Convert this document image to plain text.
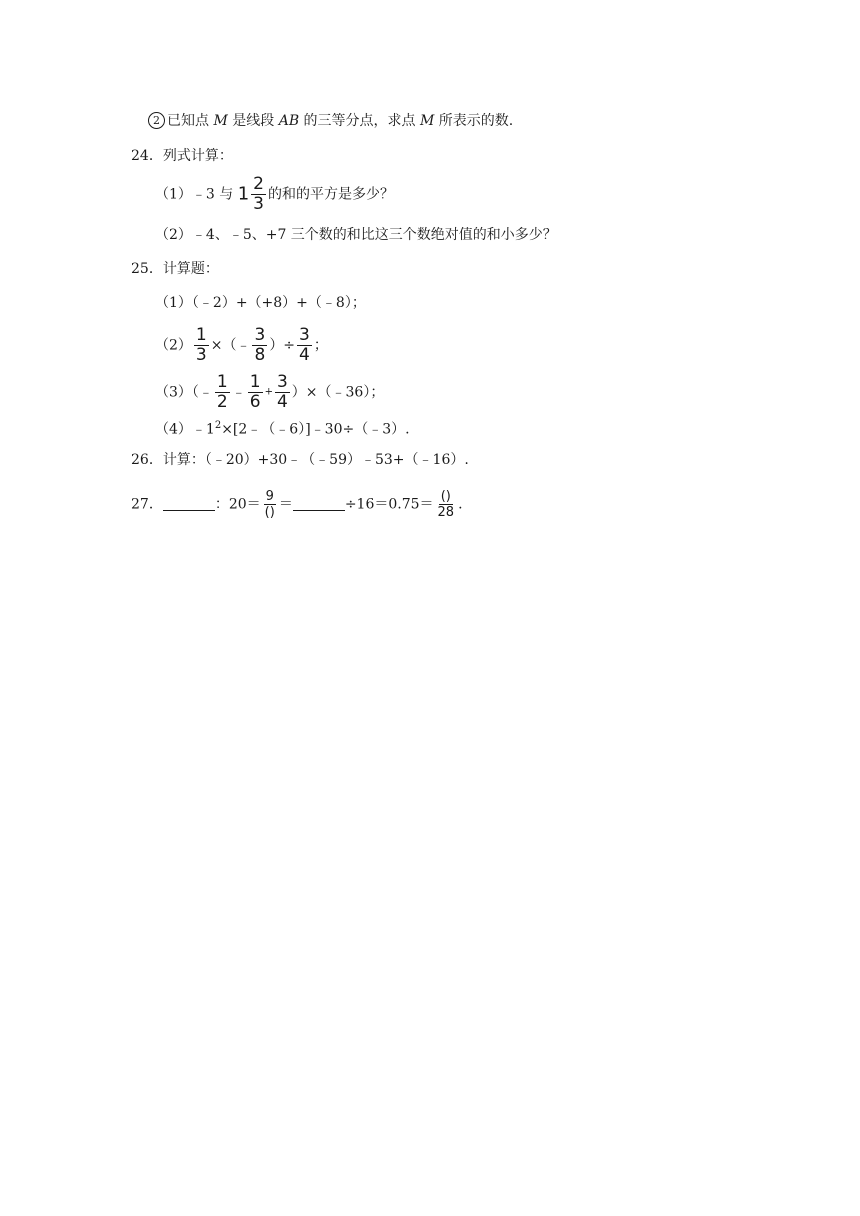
2 已知点 M 是线段 AB 的三等分点，求点 M 所表示的数.
24．列式计算：
（1）﹣3 与 $1 \frac{2}{3}$ 的和的平方是多少？
（2）﹣4、﹣5、+7 三个数的和比这三个数绝对值的和小多少？
25．计算题：
（1）（﹣2）+（+8）+（﹣8）；
$(2) \frac{1}{3}$ ×（﹣ $\frac{3}{8}$ ）÷ $\frac{3}{4}$ ；
（3）（﹣ $\frac{1}{2}$ ﹣ $\frac{1}{6} + \frac{3}{4}$ ）×（﹣36）；
$(4)﹣1^2\times[2﹣(﹣6)]﹣30\div(﹣3)$.
26．计算：（﹣20）+30﹣（﹣59）﹣53+（﹣16）.
27．	：$20= \frac{9}{()}$ ＝	$\div 16=0.75= \frac{()}{28}$ .
